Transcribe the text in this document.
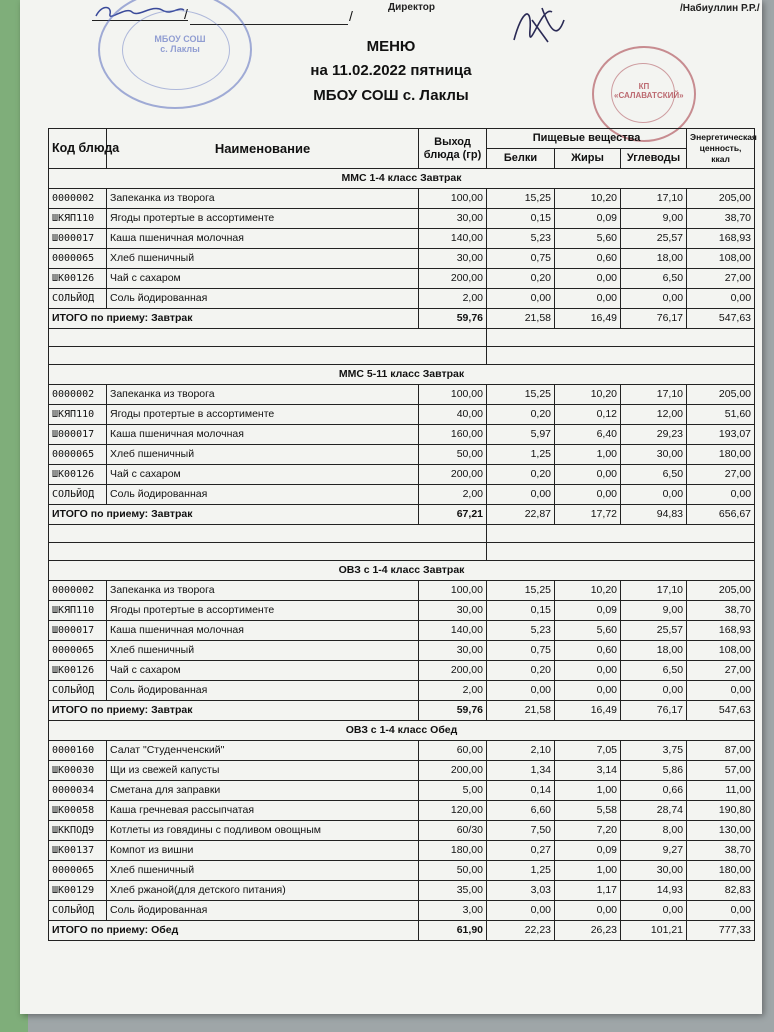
/	/
Директор	/Набиуллин Р.Р./
МБОУ СОШ с. Лаклы
КП «САЛАВАТСКИЙ»
МЕНЮ
на 11.02.2022 пятница
МБОУ СОШ с. Лаклы
Код блюда	Наименование	Выход блюда (гр)	Пищевые вещества			Энергетическая ценность, ккал
			Белки	Жиры	Углеводы	
ММС 1-4 класс Завтрак						
0000002	Запеканка из творога	100,00	15,25	10,20	17,10	205,00
ШКЯП110	Ягоды протертые в ассортименте	30,00	0,15	0,09	9,00	38,70
Ш000017	Каша пшеничная молочная	140,00	5,23	5,60	25,57	168,93
0000065	Хлеб пшеничный	30,00	0,75	0,60	18,00	108,00
ШК00126	Чай с сахаром	200,00	0,20	0,00	6,50	27,00
СОЛЬЙОД	Соль йодированная	2,00	0,00	0,00	0,00	0,00
ИТОГО по приему: Завтрак		59,76	21,58	16,49	76,17	547,63

ММС 5-11 класс Завтрак						
0000002	Запеканка из творога	100,00	15,25	10,20	17,10	205,00
ШКЯП110	Ягоды протертые в ассортименте	40,00	0,20	0,12	12,00	51,60
Ш000017	Каша пшеничная молочная	160,00	5,97	6,40	29,23	193,07
0000065	Хлеб пшеничный	50,00	1,25	1,00	30,00	180,00
ШК00126	Чай с сахаром	200,00	0,20	0,00	6,50	27,00
СОЛЬЙОД	Соль йодированная	2,00	0,00	0,00	0,00	0,00
ИТОГО по приему: Завтрак		67,21	22,87	17,72	94,83	656,67

ОВЗ с 1-4 класс Завтрак						
0000002	Запеканка из творога	100,00	15,25	10,20	17,10	205,00
ШКЯП110	Ягоды протертые в ассортименте	30,00	0,15	0,09	9,00	38,70
Ш000017	Каша пшеничная молочная	140,00	5,23	5,60	25,57	168,93
0000065	Хлеб пшеничный	30,00	0,75	0,60	18,00	108,00
ШК00126	Чай с сахаром	200,00	0,20	0,00	6,50	27,00
СОЛЬЙОД	Соль йодированная	2,00	0,00	0,00	0,00	0,00
ИТОГО по приему: Завтрак		59,76	21,58	16,49	76,17	547,63
ОВЗ с 1-4 класс Обед						
0000160	Салат "Студенченский"	60,00	2,10	7,05	3,75	87,00
ШК00030	Щи из свежей капусты	200,00	1,34	3,14	5,86	57,00
0000034	Сметана для заправки	5,00	0,14	1,00	0,66	11,00
ШК00058	Каша гречневая рассыпчатая	120,00	6,60	5,58	28,74	190,80
ШККПОД9	Котлеты из говядины с подливом овощным	60/30	7,50	7,20	8,00	130,00
ШК00137	Компот из вишни	180,00	0,27	0,09	9,27	38,70
0000065	Хлеб пшеничный	50,00	1,25	1,00	30,00	180,00
ШК00129	Хлеб ржаной(для детского питания)	35,00	3,03	1,17	14,93	82,83
СОЛЬЙОД	Соль йодированная	3,00	0,00	0,00	0,00	0,00
ИТОГО по приему: Обед		61,90	22,23	26,23	101,21	777,33
